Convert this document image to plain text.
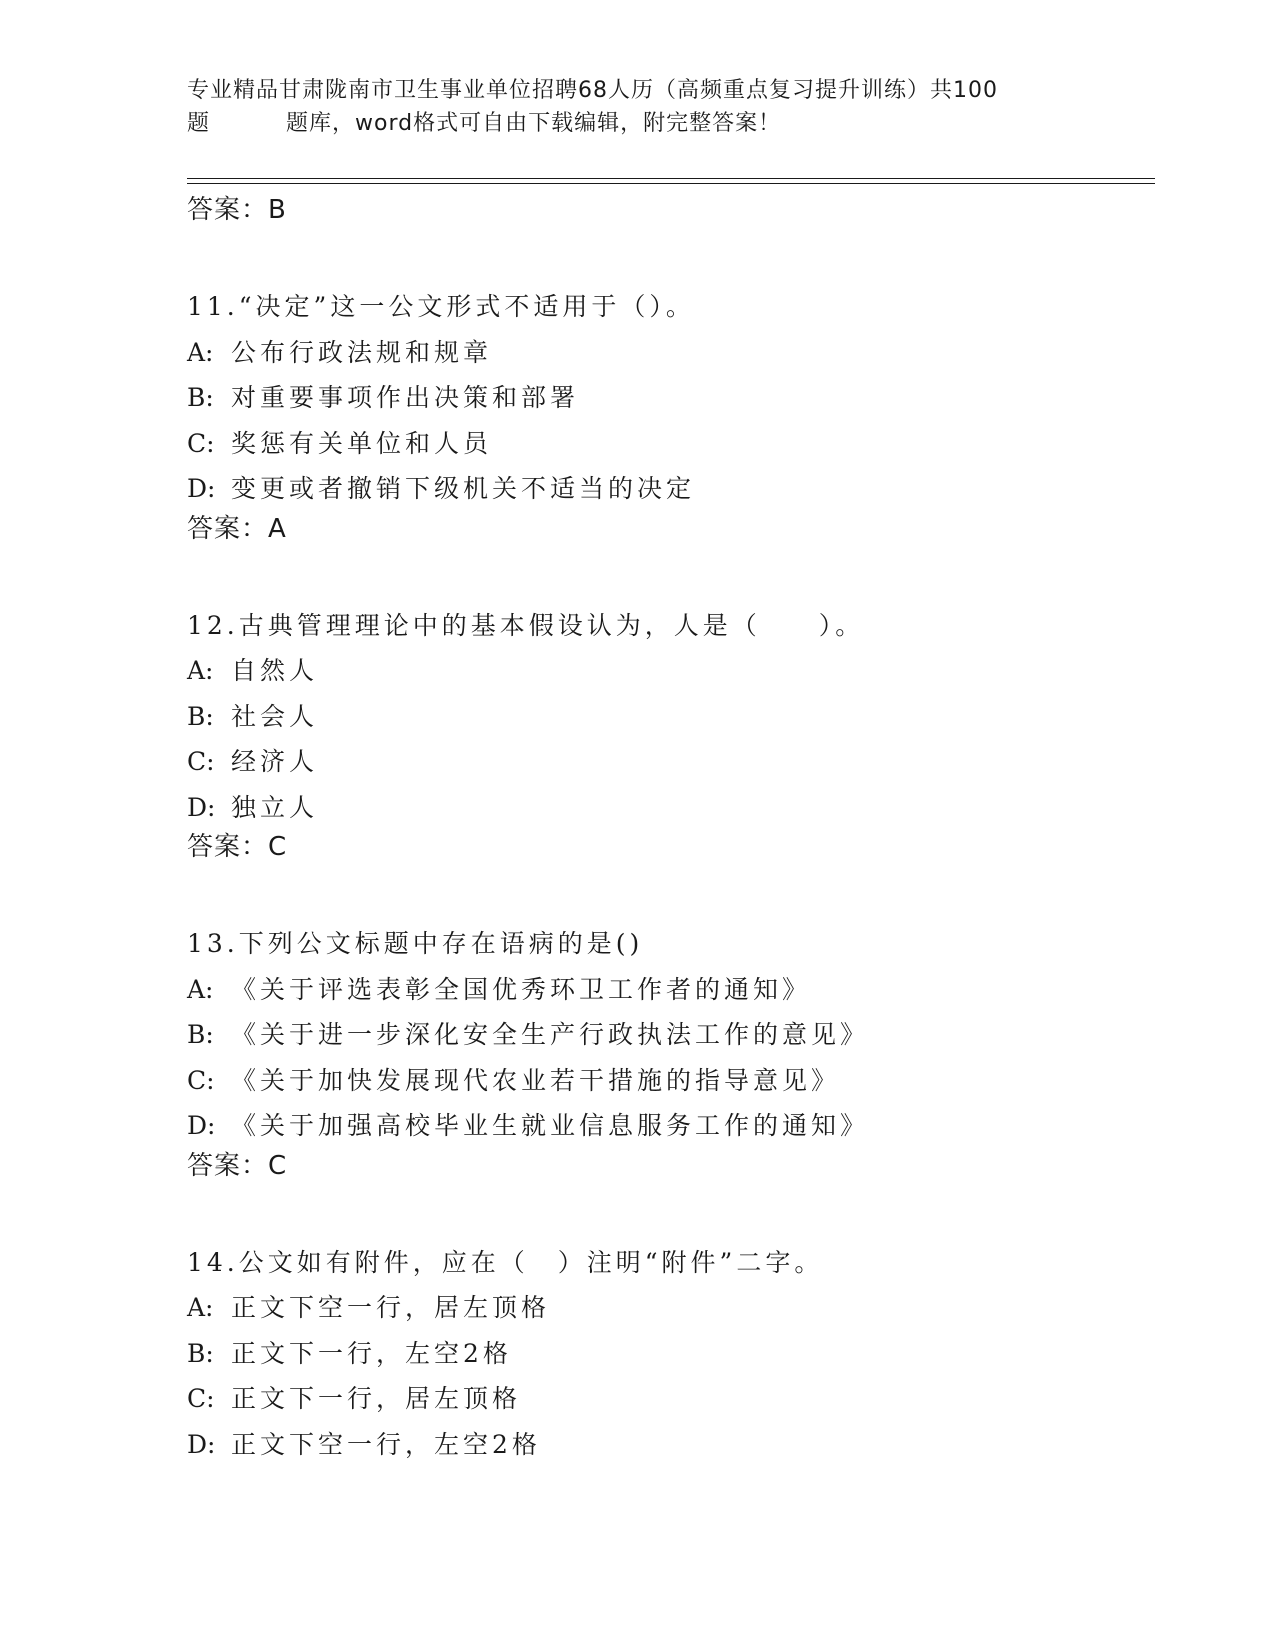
专业精品甘肃陇南市卫生事业单位招聘68人历（高频重点复习提升训练）共100
题	题库，word格式可自由下载编辑，附完整答案！
答案：B
11.“决定”这一公文形式不适用于（）。
A: 公布行政法规和规章
B: 对重要事项作出决策和部署
C: 奖惩有关单位和人员
D: 变更或者撤销下级机关不适当的决定
答案：A
12.古典管理理论中的基本假设认为，人是（　　）。
A: 自然人
B: 社会人
C: 经济人
D: 独立人
答案：C
13.下列公文标题中存在语病的是()
A: 《关于评选表彰全国优秀环卫工作者的通知》
B: 《关于进一步深化安全生产行政执法工作的意见》
C: 《关于加快发展现代农业若干措施的指导意见》
D: 《关于加强高校毕业生就业信息服务工作的通知》
答案：C
14.公文如有附件，应在（　）注明“附件”二字。
A: 正文下空一行，居左顶格
B: 正文下一行，左空2格
C: 正文下一行，居左顶格
D: 正文下空一行，左空2格
